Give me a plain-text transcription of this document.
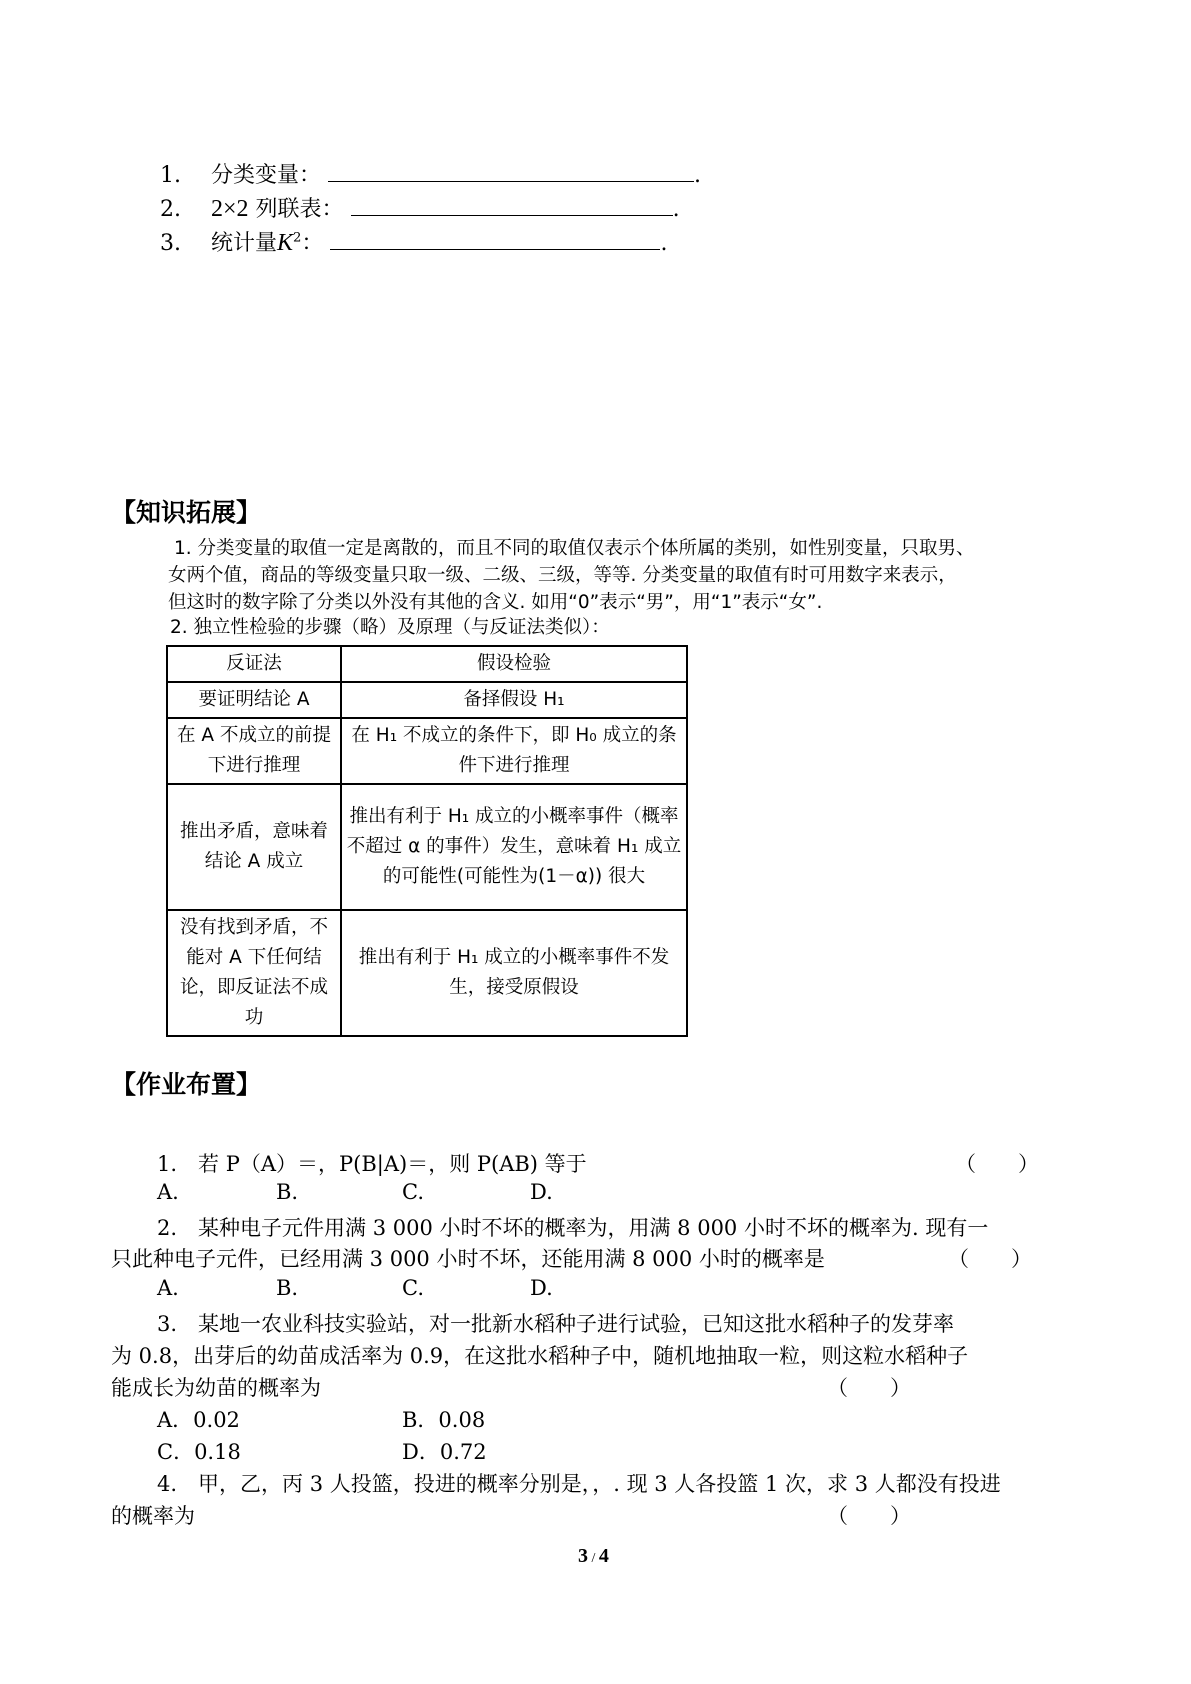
1. 分类变量：	.
2. 2×2 列联表：	.
3. 统计量$K^2$：	.
【知识拓展】
1. 分类变量的取值一定是离散的，而且不同的取值仅表示个体所属的类别，如性别变量，只取男、
女两个值，商品的等级变量只取一级、二级、三级，等等. 分类变量的取值有时可用数字来表示，
但这时的数字除了分类以外没有其他的含义. 如用“0”表示“男”，用“1”表示“女”.
2. 独立性检验的步骤（略）及原理（与反证法类似）：
反证法	假设检验
要证明结论 A	备择假设 H₁
在 A 不成立的前提下进行推理	在 H₁ 不成立的条件下，即 H₀ 成立的条件下进行推理
推出矛盾，意味着结论 A 成立	推出有利于 H₁ 成立的小概率事件（概率不超过 α 的事件）发生，意味着 H₁ 成立的可能性(可能性为(1－α)) 很大
没有找到矛盾，不能对 A 下任何结论，即反证法不成功	推出有利于 H₁ 成立的小概率事件不发生，接受原假设
【作业布置】
1.　若 P（A）＝，P(B|A)＝，则 P(AB) 等于	（　　）
A.	B.	C.	D.
2.　某种电子元件用满 3 000 小时不坏的概率为，用满 8 000 小时不坏的概率为. 现有一
只此种电子元件，已经用满 3 000 小时不坏，还能用满 8 000 小时的概率是	（　　）
A.	B.	C.	D.
3.　某地一农业科技实验站，对一批新水稻种子进行试验，已知这批水稻种子的发芽率
为 0.8，出芽后的幼苗成活率为 0.9，在这批水稻种子中，随机地抽取一粒，则这粒水稻种子
能成长为幼苗的概率为	（　　）
A．0.02	B．0.08
C．0.18	D．0.72
4.　甲，乙，丙 3 人投篮，投进的概率分别是，，. 现 3 人各投篮 1 次，求 3 人都没有投进
的概率为	（　　）
3 / 4
